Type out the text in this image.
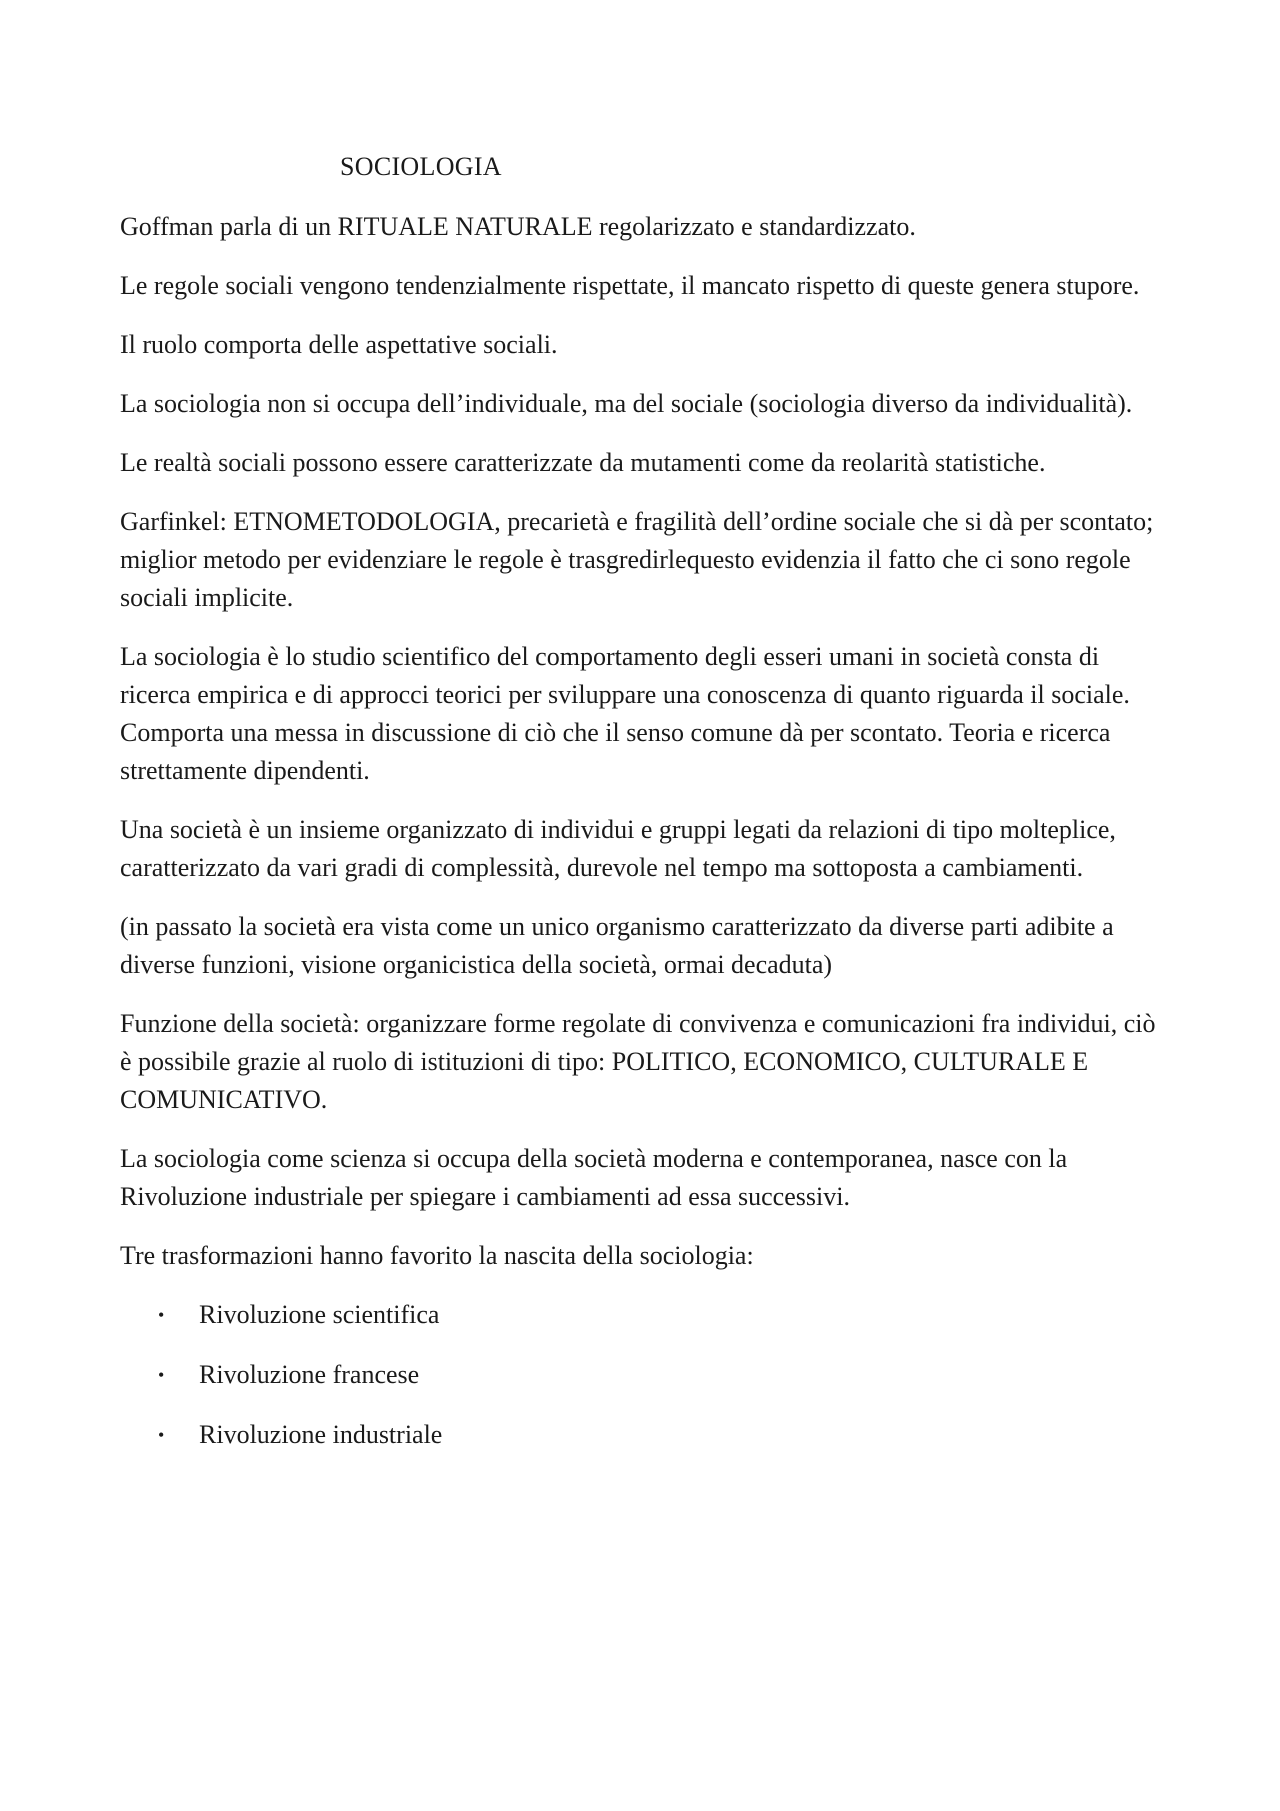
SOCIOLOGIA

Goffman parla di un RITUALE NATURALE regolarizzato e standardizzato.

Le regole sociali vengono tendenzialmente rispettate, il mancato rispetto di queste genera stupore.

Il ruolo comporta delle aspettative sociali.

La sociologia non si occupa dell’individuale, ma del sociale (sociologia diverso da individualità).

Le realtà sociali possono essere caratterizzate da mutamenti come da reolarità statistiche.

Garfinkel: ETNOMETODOLOGIA, precarietà e fragilità dell’ordine sociale che si dà per scontato; miglior metodo per evidenziare le regole è trasgredirlequesto evidenzia il fatto che ci sono regole sociali implicite.

La sociologia è lo studio scientifico del comportamento degli esseri umani in società consta di ricerca empirica e di approcci teorici per sviluppare una conoscenza di quanto riguarda il sociale. Comporta una messa in discussione di ciò che il senso comune dà per scontato. Teoria e ricerca strettamente dipendenti.

Una società è un insieme organizzato di individui e gruppi legati da relazioni di tipo molteplice, caratterizzato da vari gradi di complessità, durevole nel tempo ma sottoposta a cambiamenti.

(in passato la società era vista come un unico organismo caratterizzato da diverse parti adibite a diverse funzioni, visione organicistica della società, ormai decaduta)

Funzione della società: organizzare forme regolate di convivenza e comunicazioni fra individui, ciò è possibile grazie al ruolo di istituzioni di tipo: POLITICO, ECONOMICO, CULTURALE E COMUNICATIVO.

La sociologia come scienza si occupa della società moderna e contemporanea, nasce con la Rivoluzione industriale per spiegare i cambiamenti ad essa successivi.

Tre trasformazioni hanno favorito la nascita della sociologia:

• Rivoluzione scientifica
• Rivoluzione francese
• Rivoluzione industriale
